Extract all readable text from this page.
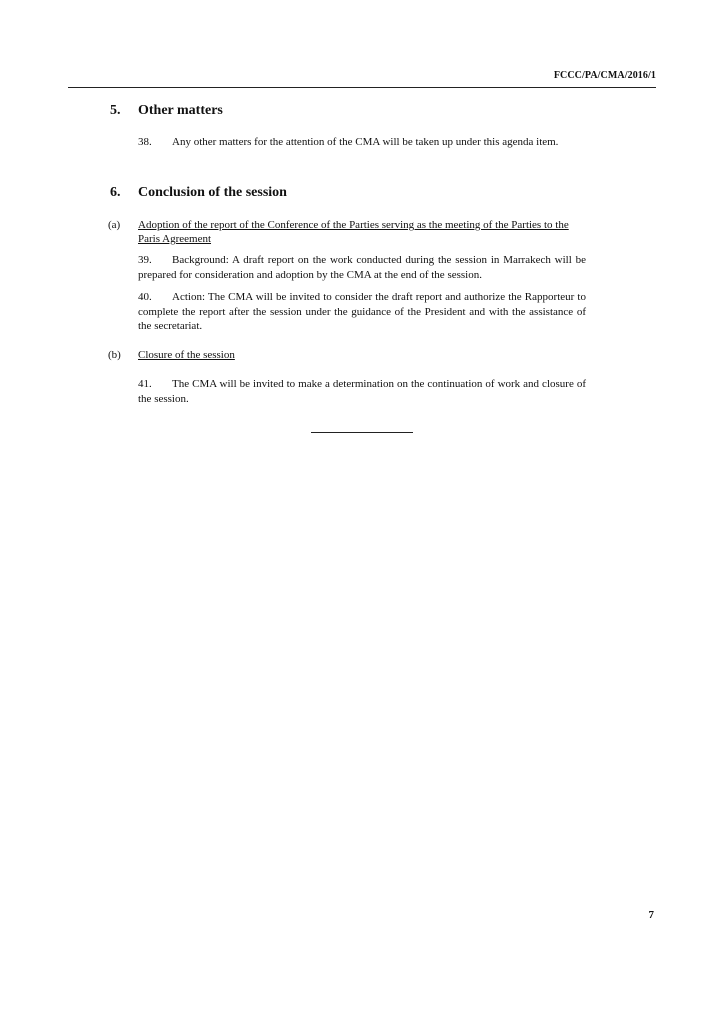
FCCC/PA/CMA/2016/1
5. Other matters
38. Any other matters for the attention of the CMA will be taken up under this agenda item.
6. Conclusion of the session
(a) Adoption of the report of the Conference of the Parties serving as the meeting of the Parties to the Paris Agreement
39. Background: A draft report on the work conducted during the session in Marrakech will be prepared for consideration and adoption by the CMA at the end of the session.
40. Action: The CMA will be invited to consider the draft report and authorize the Rapporteur to complete the report after the session under the guidance of the President and with the assistance of the secretariat.
(b) Closure of the session
41. The CMA will be invited to make a determination on the continuation of work and closure of the session.
7
